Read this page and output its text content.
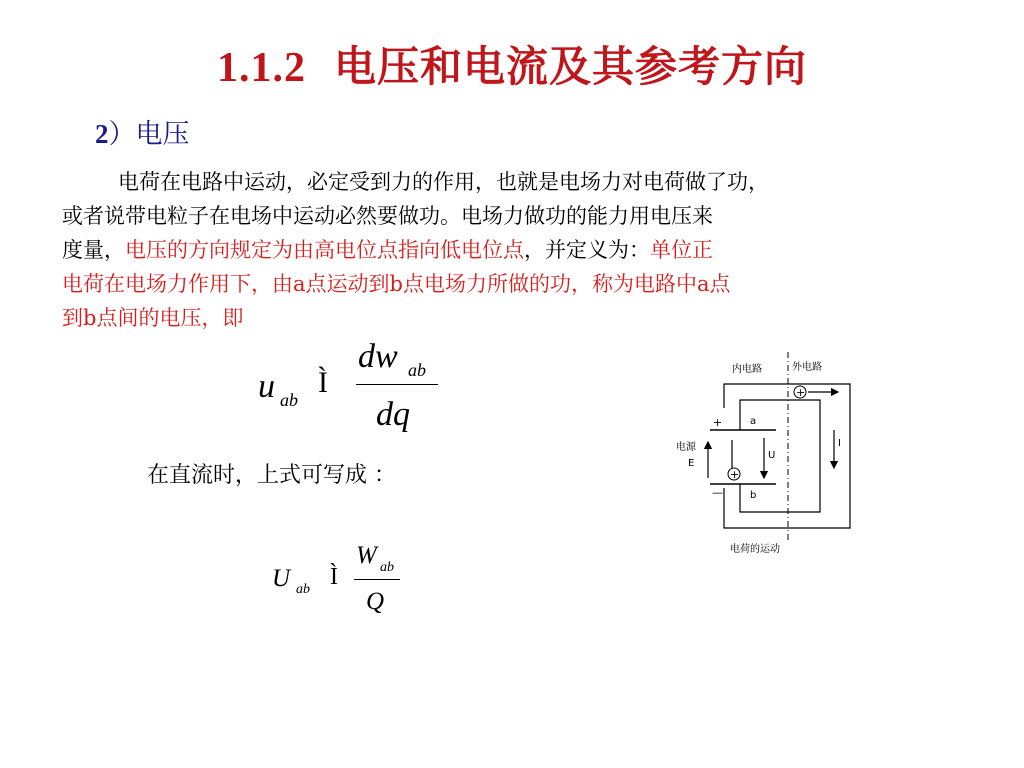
1.1.2 电压和电流及其参考方向
2）电压
电荷在电路中运动，必定受到力的作用，也就是电场力对电荷做了功，
或者说带电粒子在电场中运动必然要做功。电场力做功的能力用电压来
度量，电压的方向规定为由高电位点指向低电位点，并定义为：单位正
电荷在电场力作用下，由a点运动到b点电场力所做的功，称为电路中a点
到b点间的电压，即
u ab
Ì
dw ab
dq
在直流时，上式可写成 ：
U ab Ì
W ab
Q
内电路	外电路
+
—
a
b
电源
E
U
+
+
I
电荷的运动
